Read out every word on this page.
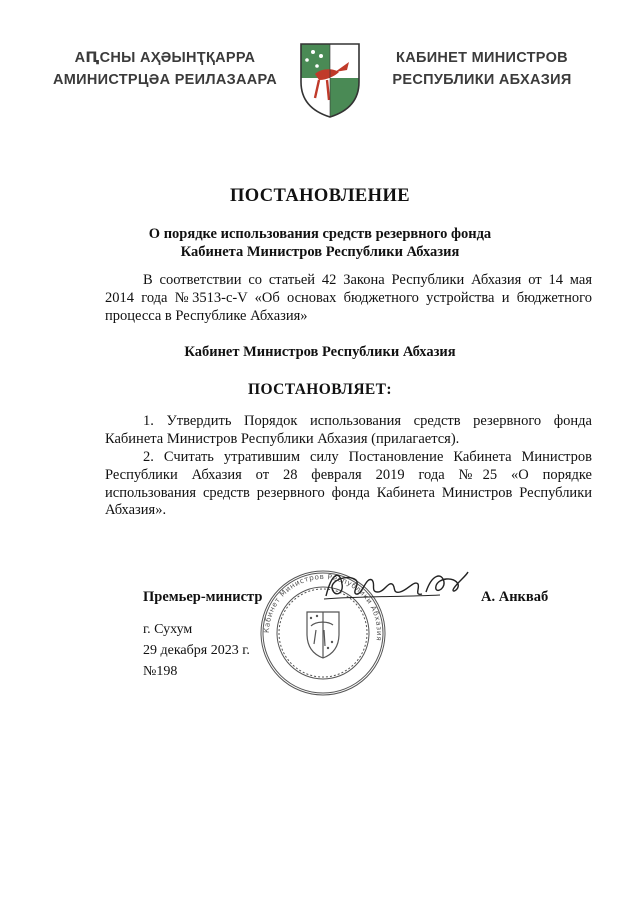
АԤСНЫ АҲӘЫНҬҚАРРА
АМИНИСТРЦӘА РЕИЛАЗААРА
КАБИНЕТ МИНИСТРОВ
РЕСПУБЛИКИ АБХАЗИЯ
ПОСТАНОВЛЕНИЕ
О порядке использования средств резервного фонда
Кабинета Министров Республики Абхазия
В соответствии со статьей 42 Закона Республики Абхазия от 14 мая
2014 года №3513-с-V «Об основах бюджетного устройства и бюджетного
процесса в Республике Абхазия»
Кабинет Министров Республики Абхазия
ПОСТАНОВЛЯЕТ:
1. Утвердить Порядок использования средств резервного фонда
Кабинета Министров Республики Абхазия (прилагается).
2. Считать утратившим силу Постановление Кабинета Министров
Республики Абхазия от 28 февраля 2019 года №25 «О порядке
использования средств резервного фонда Кабинета Министров Республики
Абхазия».
Кабинет Министров Республики Абхазия
Премьер-министр	А. Анкваб
г. Сухум
29 декабря 2023 г.
№198
